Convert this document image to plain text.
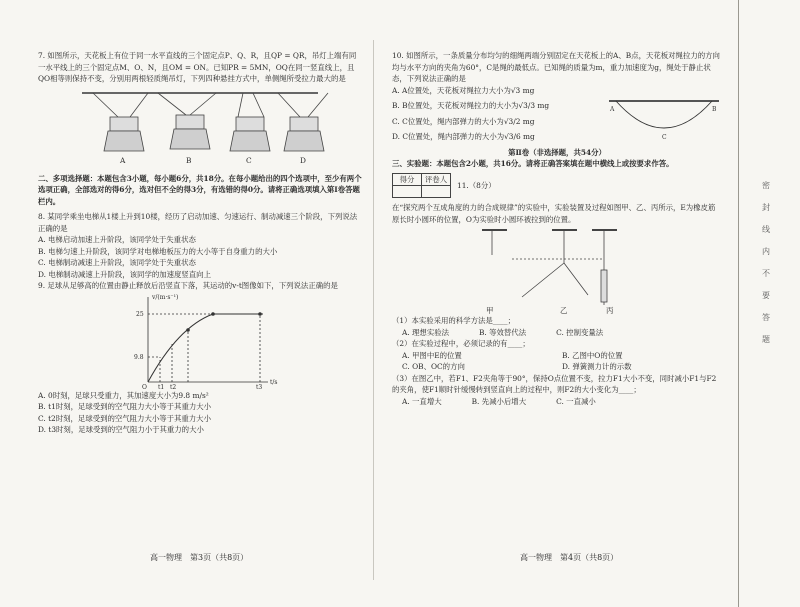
7. 如图所示，天花板上有位于同一水平直线的三个固定点P、Q、R，且QP = QR，吊灯上端有同一水平线上的三个固定点M、O、N，且OM = ON。已知PR = 5MN，OQ在同一竖直线上，且QO相等则保持不变，分别用两根轻质绳吊灯，下列四种悬挂方式中，单侧绳所受拉力最大的是

A	B	C	D

二、多项选择题：本题包含3小题，每小题6分，共18分。在每小题给出的四个选项中，至少有两个选项正确，全部选对的得6分，选对但不全的得3分，有选错的得0分。请将正确选项填入第Ⅰ卷答题栏内。

8. 某同学乘坐电梯从1楼上升到10楼，经历了启动加速、匀速运行、制动减速三个阶段，下列说法正确的是

A. 电梯启动加速上升阶段，该同学处于失重状态

B. 电梯匀速上升阶段，该同学对电梯地板压力的大小等于自身重力的大小

C. 电梯制动减速上升阶段，该同学处于失重状态

D. 电梯制动减速上升阶段，该同学的加速度竖直向上

9. 足球从足够高的位置由静止释放后沿竖直下落，其运动的v-t图像如下，下列说法正确的是

v/(m·s⁻¹)
25
9.8
O t1 t2	t3
t/s

A. 0时刻，足球只受重力，其加速度大小为9.8 m/s²

B. t1时刻，足球受到的空气阻力大小等于其重力大小

C. t2时刻，足球受到的空气阻力大小等于其重力大小

D. t3时刻，足球受到的空气阻力小于其重力的大小

高一物理　第3页（共8页）

10. 如图所示，一条质量分布均匀的细绳两端分别固定在天花板上的A、B点，天花板对绳拉力的方向均与水平方向的夹角为60°，C是绳的最低点。已知绳的质量为m，重力加速度为g，绳处于静止状态，下列说法正确的是

A. A位置处，天花板对绳拉力大小为√3 mg

B. B位置处，天花板对绳拉力的大小为√3/3 mg

C. C位置处，绳内部弹力的大小为√3/2 mg

D. C位置处，绳内部弹力的大小为√3/6 mg

A	B
C

第Ⅱ卷（非选择题，共54分）

三、实验题：本题包含2小题，共16分。请将正确答案填在题中横线上或按要求作答。

得分	评卷人

11.（8分）

在“探究两个互成角度的力的合成规律”的实验中，实验装置及过程如图甲、乙、丙所示，E为橡皮筋原长时小圆环的位置，O为实验时小圆环被拉到的位置。

甲	乙	丙

（1）本实验采用的科学方法是____；

A. 理想实验法	B. 等效替代法	C. 控制变量法

（2）在实验过程中，必须记录的有____；

A. 甲图中E的位置	B. 乙图中O的位置
C. OB、OC的方向	D. 弹簧测力计的示数

（3）在图乙中，若F1、F2夹角等于90°，保持O点位置不变，拉力F1大小不变，同时减小F1与F2的夹角，使F1顺时针缓慢转到竖直向上的过程中，则F2的大小变化为____；

A. 一直增大	B. 先减小后增大	C. 一直减小
高一物理　第4页（共8页）
密
封
线
内
不
要
答
题
